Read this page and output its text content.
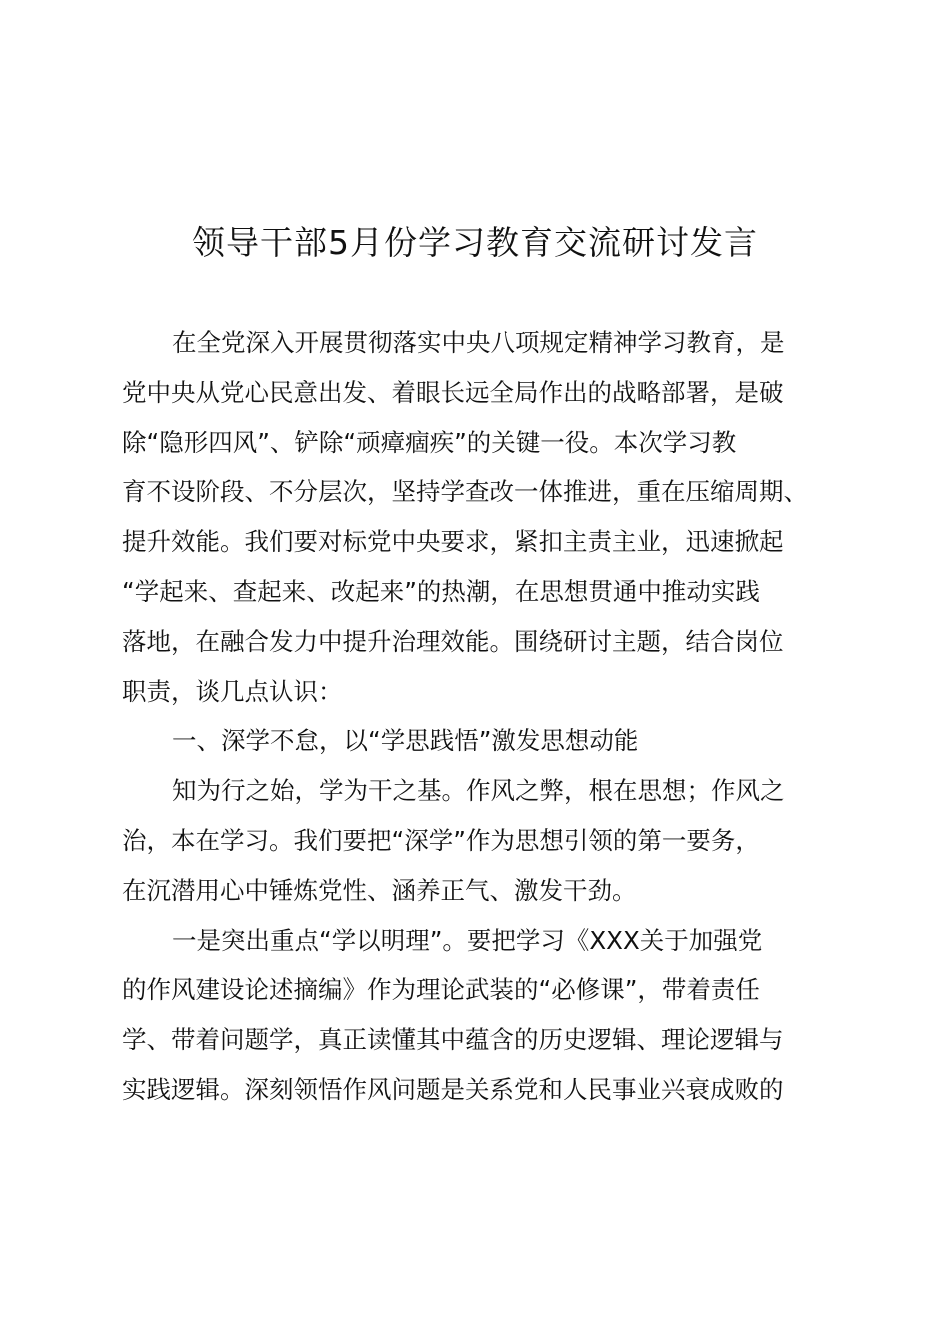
领导干部5月份学习教育交流研讨发言
在全党深入开展贯彻落实中央八项规定精神学习教育，是
党中央从党心民意出发、着眼长远全局作出的战略部署，是破
除“隐形四风”、铲除“顽瘴痼疾”的关键一役。本次学习教
育不设阶段、不分层次，坚持学查改一体推进，重在压缩周期、
提升效能。我们要对标党中央要求，紧扣主责主业，迅速掀起
“学起来、查起来、改起来”的热潮，在思想贯通中推动实践
落地，在融合发力中提升治理效能。围绕研讨主题，结合岗位
职责，谈几点认识：
一、深学不怠，以“学思践悟”激发思想动能
知为行之始，学为干之基。作风之弊，根在思想；作风之
治，本在学习。我们要把“深学”作为思想引领的第一要务，
在沉潜用心中锤炼党性、涵养正气、激发干劲。
一是突出重点“学以明理”。要把学习《XXX关于加强党
的作风建设论述摘编》作为理论武装的“必修课”，带着责任
学、带着问题学，真正读懂其中蕴含的历史逻辑、理论逻辑与
实践逻辑。深刻领悟作风问题是关系党和人民事业兴衰成败的
